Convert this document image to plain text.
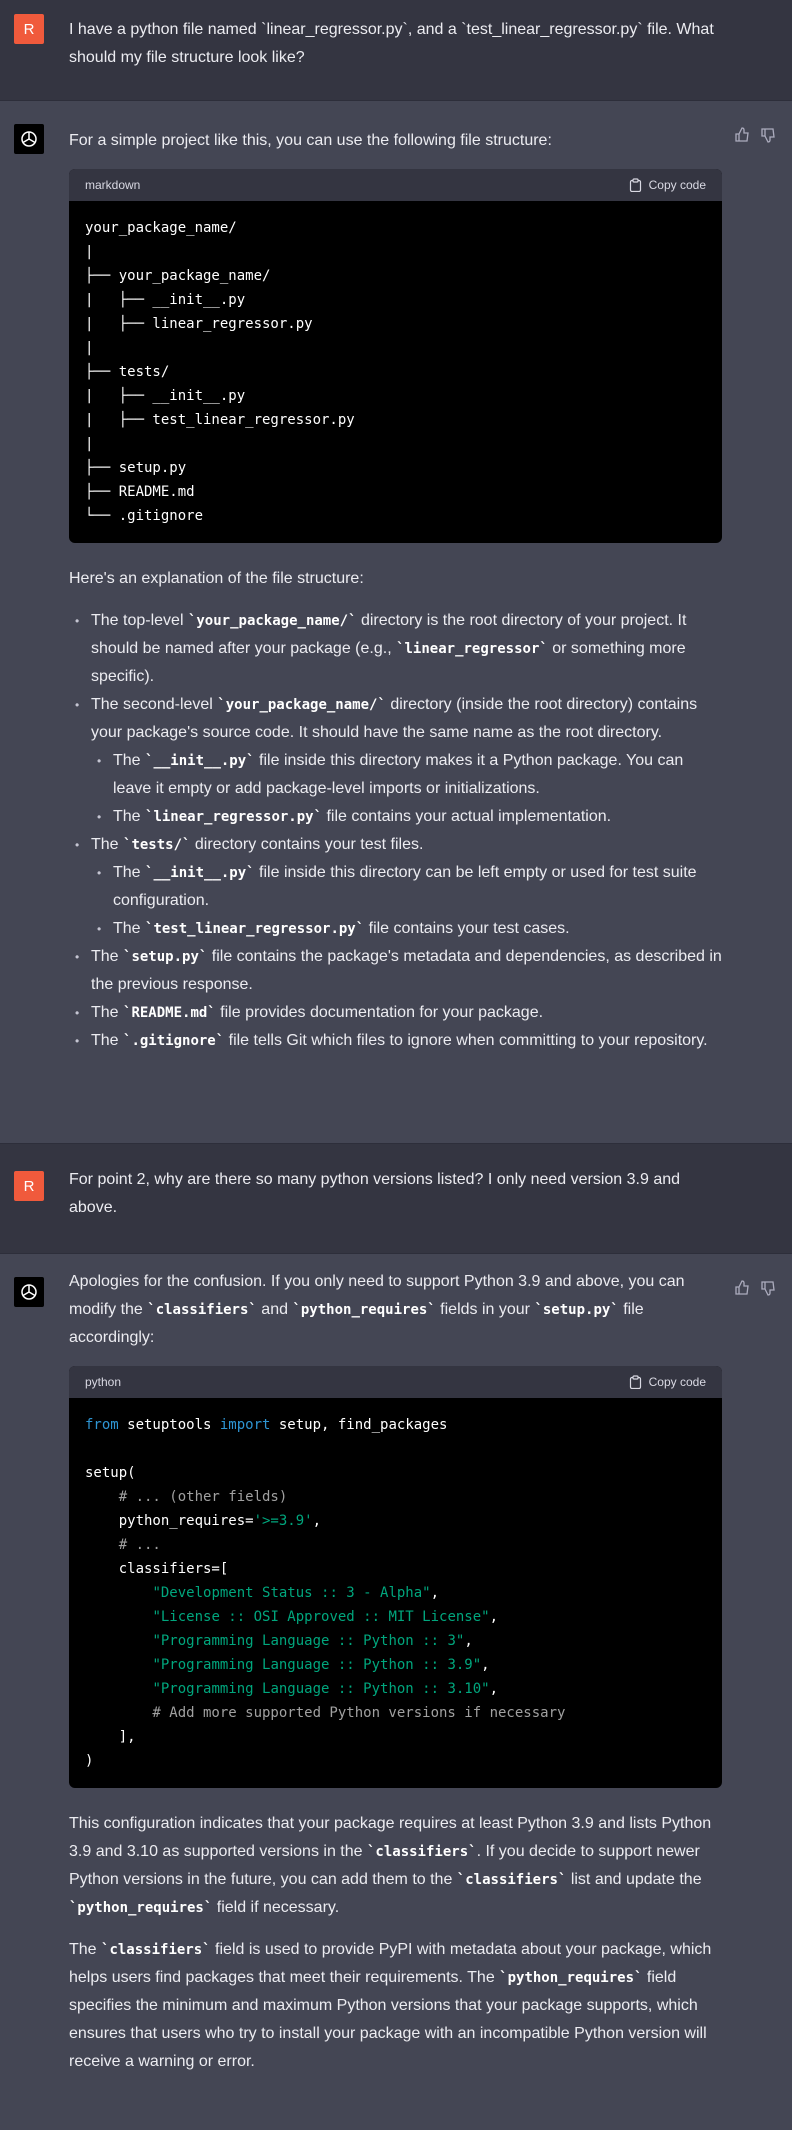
R	I have a python file named `linear_regressor.py`, and a `test_linear_regressor.py` file. What should my file structure look like?

For a simple project like this, you can use the following file structure:

markdown	Copy code
your_package_name/
|
├── your_package_name/
|   ├── __init__.py
|   ├── linear_regressor.py
|
├── tests/
|   ├── __init__.py
|   ├── test_linear_regressor.py
|
├── setup.py
├── README.md
└── .gitignore

Here's an explanation of the file structure:

• The top-level `your_package_name/` directory is the root directory of your project. It should be named after your package (e.g., `linear_regressor` or something more specific).
• The second-level `your_package_name/` directory (inside the root directory) contains your package's source code. It should have the same name as the root directory.
• The `__init__.py` file inside this directory makes it a Python package. You can leave it empty or add package-level imports or initializations.
• The `linear_regressor.py` file contains your actual implementation.
• The `tests/` directory contains your test files.
• The `__init__.py` file inside this directory can be left empty or used for test suite configuration.
• The `test_linear_regressor.py` file contains your test cases.
• The `setup.py` file contains the package's metadata and dependencies, as described in the previous response.
• The `README.md` file provides documentation for your package.
• The `.gitignore` file tells Git which files to ignore when committing to your repository.
R	For point 2, why are there so many python versions listed? I only need version 3.9 and above.

Apologies for the confusion. If you only need to support Python 3.9 and above, you can modify the `classifiers` and `python_requires` fields in your `setup.py` file accordingly:

python	Copy code
from setuptools import setup, find_packages

setup(
# ... (other fields)
python_requires='>=3.9',
# ...
classifiers=[
"Development Status :: 3 - Alpha",
"License :: OSI Approved :: MIT License",
"Programming Language :: Python :: 3",
"Programming Language :: Python :: 3.9",
"Programming Language :: Python :: 3.10",
# Add more supported Python versions if necessary
],
)

This configuration indicates that your package requires at least Python 3.9 and lists Python 3.9 and 3.10 as supported versions in the `classifiers`. If you decide to support newer Python versions in the future, you can add them to the `classifiers` list and update the `python_requires` field if necessary.

The `classifiers` field is used to provide PyPI with metadata about your package, which helps users find packages that meet their requirements. The `python_requires` field specifies the minimum and maximum Python versions that your package supports, which ensures that users who try to install your package with an incompatible Python version will receive a warning or error.
